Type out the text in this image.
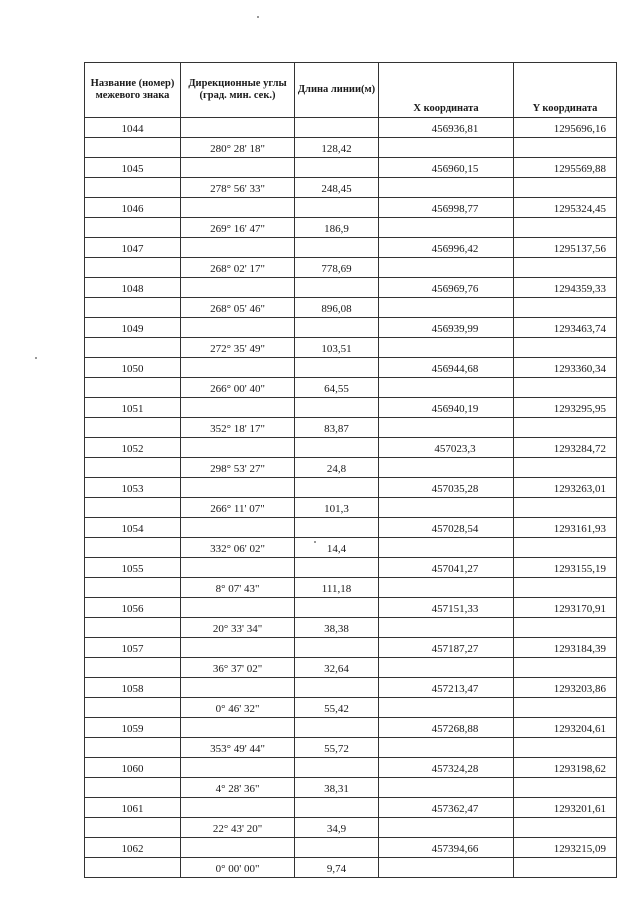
Название (номер) межевого знака	Дирекционные углы (град. мин. сек.)	Длина линии(м)	X координата	Y координата
1044			456936,81	1295696,16
	280° 28' 18"	128,42		
1045			456960,15	1295569,88
	278° 56' 33"	248,45		
1046			456998,77	1295324,45
	269° 16' 47"	186,9		
1047			456996,42	1295137,56
	268° 02' 17"	778,69		
1048			456969,76	1294359,33
	268° 05' 46"	896,08		
1049			456939,99	1293463,74
	272° 35' 49"	103,51		
1050			456944,68	1293360,34
	266° 00' 40"	64,55		
1051			456940,19	1293295,95
	352° 18' 17"	83,87		
1052			457023,3	1293284,72
	298° 53' 27"	24,8		
1053			457035,28	1293263,01
	266° 11' 07"	101,3		
1054			457028,54	1293161,93
	332° 06' 02"	14,4		
1055			457041,27	1293155,19
	8° 07' 43"	111,18		
1056			457151,33	1293170,91
	20° 33' 34"	38,38		
1057			457187,27	1293184,39
	36° 37' 02"	32,64		
1058			457213,47	1293203,86
	0° 46' 32"	55,42		
1059			457268,88	1293204,61
	353° 49' 44"	55,72		
1060			457324,28	1293198,62
	4° 28' 36"	38,31		
1061			457362,47	1293201,61
	22° 43' 20"	34,9		
1062			457394,66	1293215,09
	0° 00' 00"	9,74		
